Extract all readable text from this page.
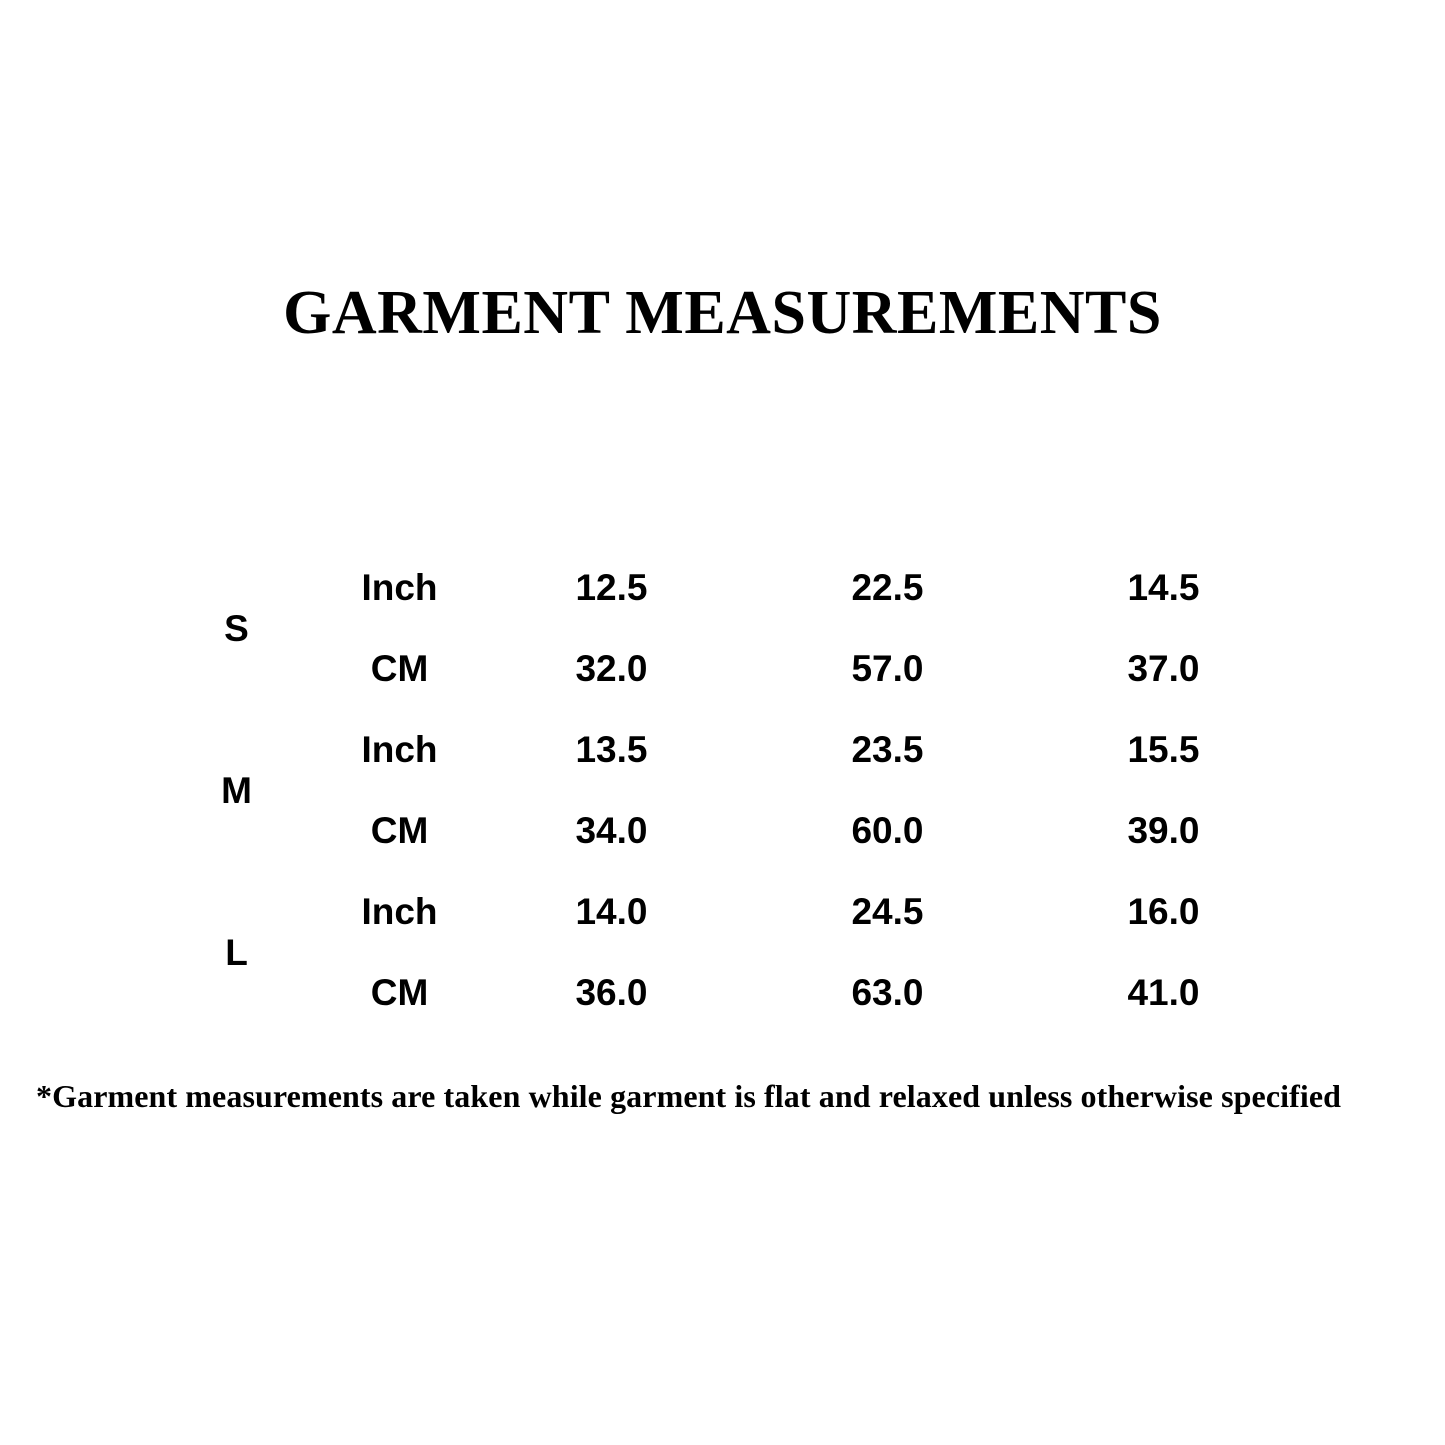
GARMENT MEASUREMENTS
Unit: $\frac{\text{Inch}}{CM}$		Bust	Sleeve	Length
S	Inch	12.5	22.5	14.5
	CM	32.0	57.0	37.0
M	Inch	13.5	23.5	15.5
	CM	34.0	60.0	39.0
L	Inch	14.0	24.5	16.0
	CM	36.0	63.0	41.0
*Garment measurements are taken while garment is flat and relaxed unless otherwise specified
